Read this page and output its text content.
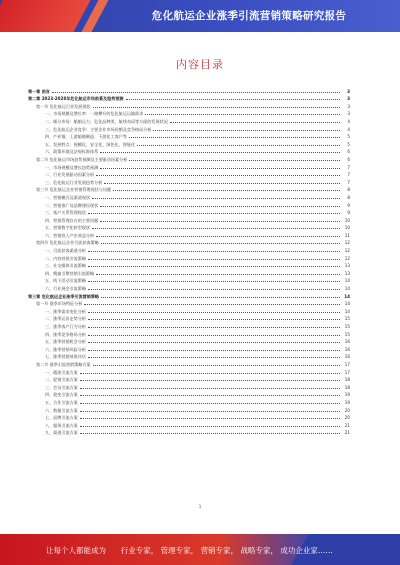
危化航运企业涨季引流营销策略研究报告
内容目录
第一章 前言	3
第二章 2023-2028年危化航运市场前景及趋势预测	3
第一节 危化航运行业发展现状	3
一、市场规模及增长率：一路攀升的危化航运运输需求	3
二、细分市场：船舶运力、危化品种类、航线布局等方面的发展状况	4
三、危化航运企业竞争：主要企业市场份额及竞争格局分析	4
四、产业链：上游船舶制造、下游化工客户等	5
五、发展特点：规模化、安全化、绿色化、智能化	5
六、政策环境及法规标准体系	6
第二节 危化航运市场趋势预测及主要驱动因素分析	6
一、市场规模及增长趋势预测	7
二、行业发展驱动因素分析	7
三、危化航运行业发展趋势分析	7
第三节 危化航运企业营销管理现状与问题	8
一、营销模式及渠道现状	8
二、营销推广及品牌建设现状	9
三、客户关系管理现状	9
四、营销管理存在的主要问题	10
五、营销数字化转型现状	10
六、营销投入产出效益分析	11
第四节 危化航运企业引流获客策略	12
一、引流获客渠道分析	12
二、内容营销引流策略	12
三、社交媒体引流策略	13
四、搜索引擎营销引流策略	13
五、线下活动引流策略	14
六、行业展会引流策略	14
第三章 危化航运企业涨季引流营销策略	14
第一节 涨季市场特征分析	14
一、涨季需求变化分析	14
二、涨季运价走势分析	15
三、涨季客户行为分析	15
四、涨季竞争格局分析	15
五、涨季营销机会分析	16
六、涨季营销风险分析	16
七、涨季营销效果评估	16
第二节 涨季引流营销策略方案	17
一、精准引流方案	17
二、促销引流方案	18
三、会员引流方案	18
四、裂变引流方案	19
五、合作引流方案	19
六、数据引流方案	20
七、品牌引流方案	20
八、服务引流方案	21
九、渠道引流方案	21
1
让每个人都能成为 行业专家， 管理专家， 营销专家， 战略专家， 成功企业家……
